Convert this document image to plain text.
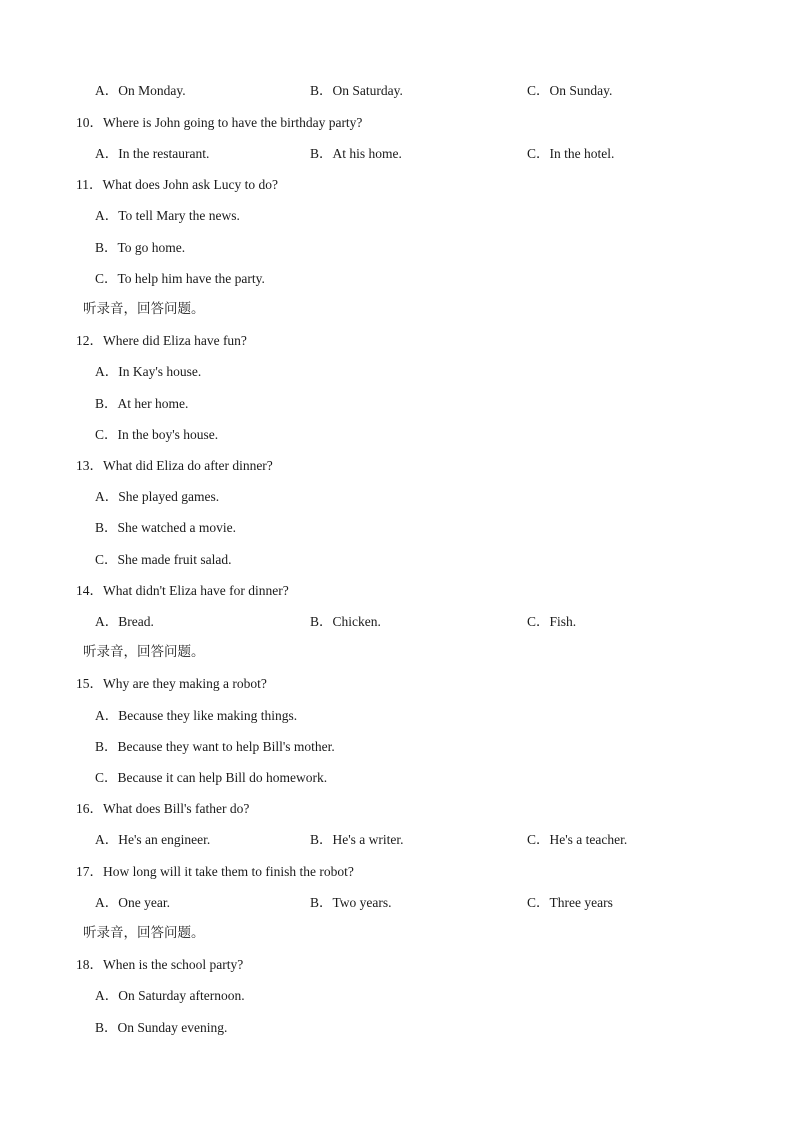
A．On Monday.	B．On Saturday.	C．On Sunday.
10．Where is John going to have the birthday party?
A．In the restaurant.	B．At his home.	C．In the hotel.
11．What does John ask Lucy to do?
A．To tell Mary the news.
B．To go home.
C．To help him have the party.
听录音，回答问题。
12．Where did Eliza have fun?
A．In Kay's house.
B．At her home.
C．In the boy's house.
13．What did Eliza do after dinner?
A．She played games.
B．She watched a movie.
C．She made fruit salad.
14．What didn't Eliza have for dinner?
A．Bread.	B．Chicken.	C．Fish.
听录音，回答问题。
15．Why are they making a robot?
A．Because they like making things.
B．Because they want to help Bill's mother.
C．Because it can help Bill do homework.
16．What does Bill's father do?
A．He's an engineer.	B．He's a writer.	C．He's a teacher.
17．How long will it take them to finish the robot?
A．One year.	B．Two years.	C．Three years
听录音，回答问题。
18．When is the school party?
A．On Saturday afternoon.
B．On Sunday evening.
